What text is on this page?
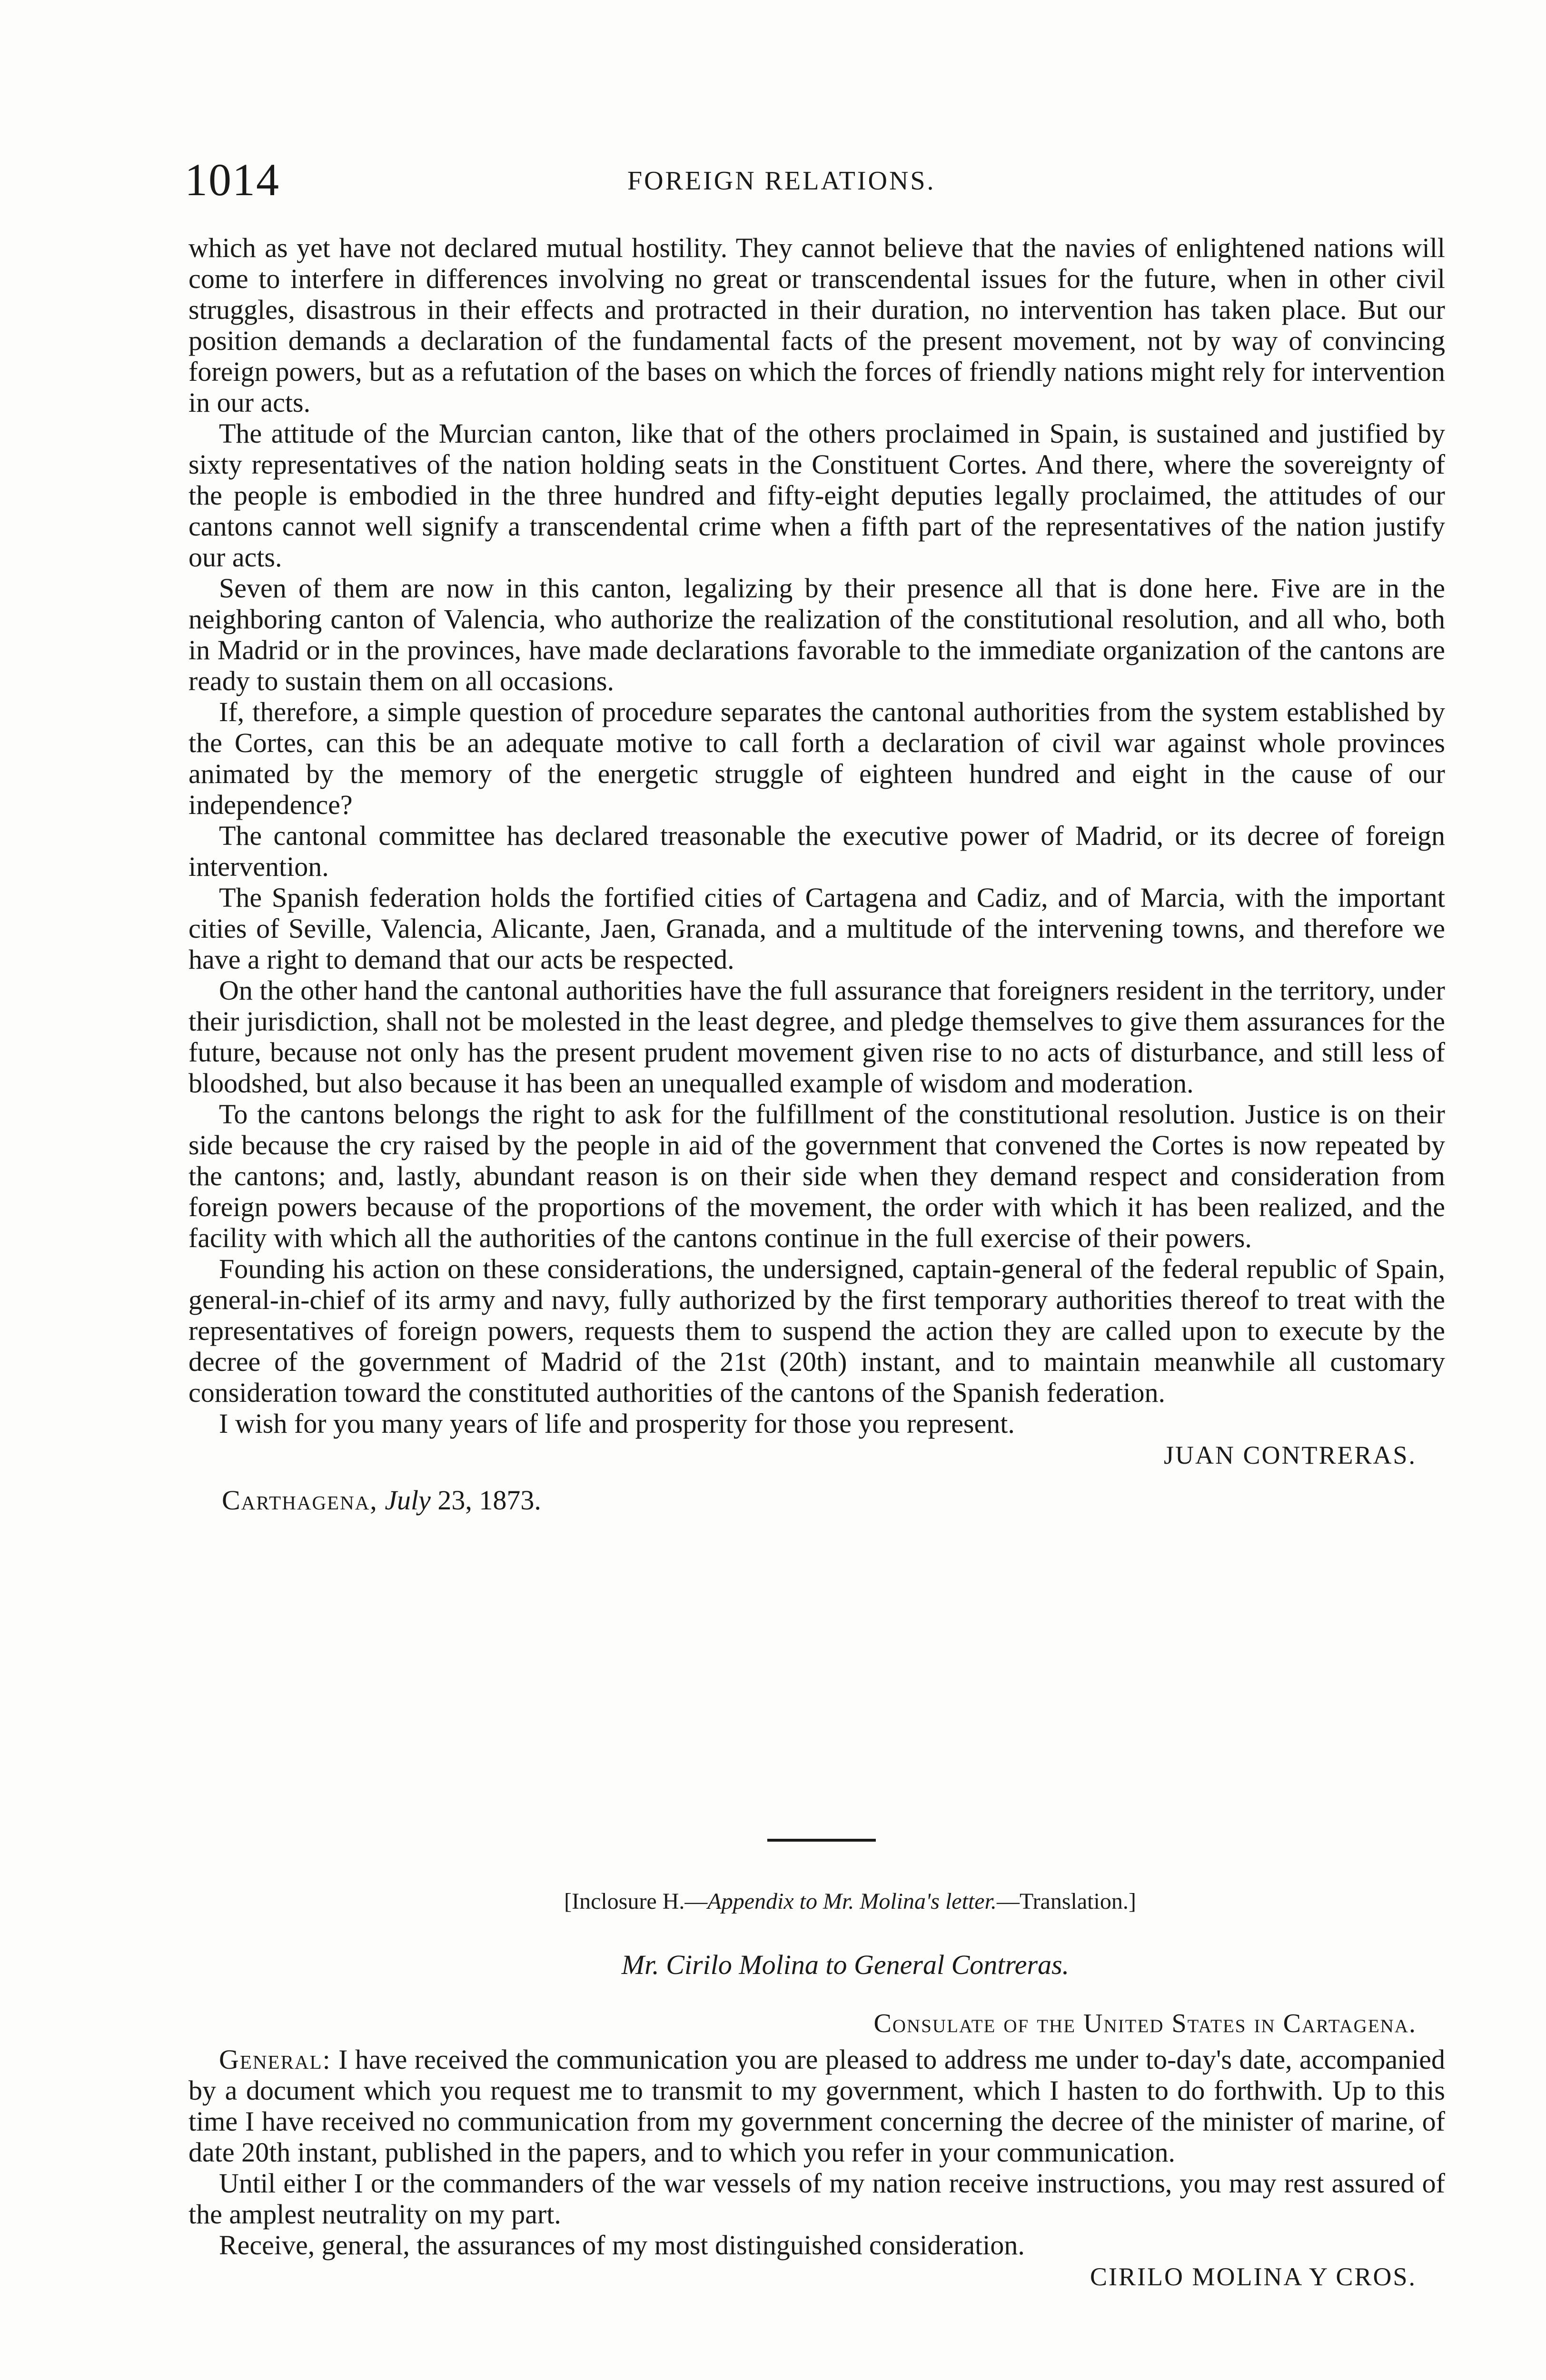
1014	FOREIGN RELATIONS.

which as yet have not declared mutual hostility. They cannot believe that the navies of enlightened nations will come to interfere in differences involving no great or transcendental issues for the future, when in other civil struggles, disastrous in their effects and protracted in their duration, no intervention has taken place. But our position demands a declaration of the fundamental facts of the present movement, not by way of convincing foreign powers, but as a refutation of the bases on which the forces of friendly nations might rely for intervention in our acts.

The attitude of the Murcian canton, like that of the others proclaimed in Spain, is sustained and justified by sixty representatives of the nation holding seats in the Constituent Cortes. And there, where the sovereignty of the people is embodied in the three hundred and fifty-eight deputies legally proclaimed, the attitudes of our cantons cannot well signify a transcendental crime when a fifth part of the representatives of the nation justify our acts.

Seven of them are now in this canton, legalizing by their presence all that is done here. Five are in the neighboring canton of Valencia, who authorize the realization of the constitutional resolution, and all who, both in Madrid or in the provinces, have made declarations favorable to the immediate organization of the cantons are ready to sustain them on all occasions.

If, therefore, a simple question of procedure separates the cantonal authorities from the system established by the Cortes, can this be an adequate motive to call forth a declaration of civil war against whole provinces animated by the memory of the energetic struggle of eighteen hundred and eight in the cause of our independence?

The cantonal committee has declared treasonable the executive power of Madrid, or its decree of foreign intervention.

The Spanish federation holds the fortified cities of Cartagena and Cadiz, and of Marcia, with the important cities of Seville, Valencia, Alicante, Jaen, Granada, and a multitude of the intervening towns, and therefore we have a right to demand that our acts be respected.

On the other hand the cantonal authorities have the full assurance that foreigners resident in the territory, under their jurisdiction, shall not be molested in the least degree, and pledge themselves to give them assurances for the future, because not only has the present prudent movement given rise to no acts of disturbance, and still less of bloodshed, but also because it has been an unequalled example of wisdom and moderation.

To the cantons belongs the right to ask for the fulfillment of the constitutional resolution. Justice is on their side because the cry raised by the people in aid of the government that convened the Cortes is now repeated by the cantons; and, lastly, abundant reason is on their side when they demand respect and consideration from foreign powers because of the proportions of the movement, the order with which it has been realized, and the facility with which all the authorities of the cantons continue in the full exercise of their powers.

Founding his action on these considerations, the undersigned, captain-general of the federal republic of Spain, general-in-chief of its army and navy, fully authorized by the first temporary authorities thereof to treat with the representatives of foreign powers, requests them to suspend the action they are called upon to execute by the decree of the government of Madrid of the 21st (20th) instant, and to maintain meanwhile all customary consideration toward the constituted authorities of the cantons of the Spanish federation.

I wish for you many years of life and prosperity for those you represent.

JUAN CONTRERAS.
Carthagena, July 23, 1873.
[Inclosure H.—Appendix to Mr. Molina's letter.—Translation.]
Mr. Cirilo Molina to General Contreras.
Consulate of the United States in Cartagena.

General: I have received the communication you are pleased to address me under to-day's date, accompanied by a document which you request me to transmit to my government, which I hasten to do forthwith. Up to this time I have received no communication from my government concerning the decree of the minister of marine, of date 20th instant, published in the papers, and to which you refer in your communication.

Until either I or the commanders of the war vessels of my nation receive instructions, you may rest assured of the amplest neutrality on my part.

Receive, general, the assurances of my most distinguished consideration.

CIRILO MOLINA Y CROS.
